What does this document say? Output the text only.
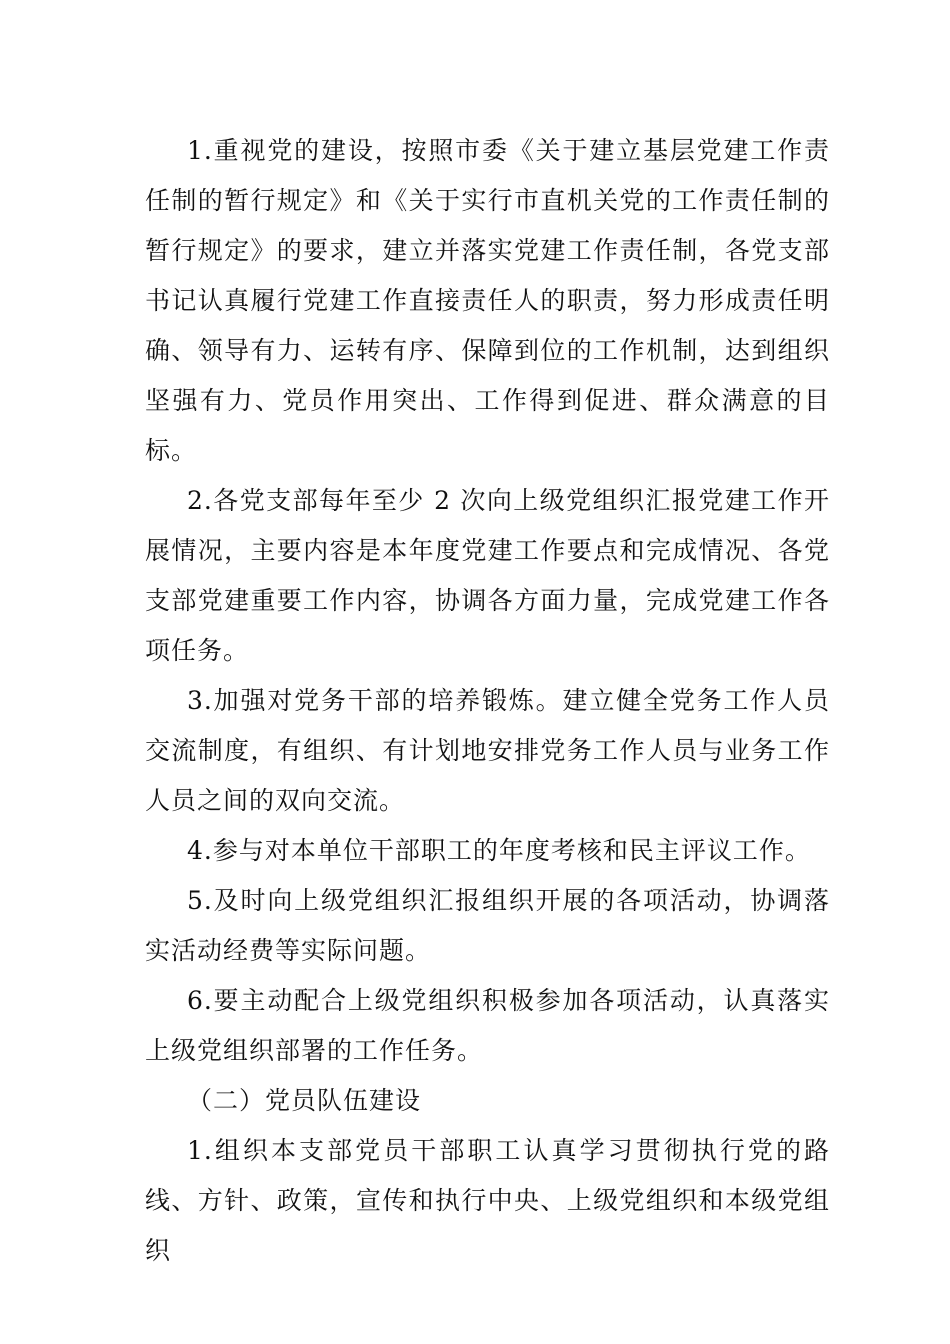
1.重视党的建设，按照市委《关于建立基层党建工作责任制的暂行规定》和《关于实行市直机关党的工作责任制的暂行规定》的要求，建立并落实党建工作责任制，各党支部书记认真履行党建工作直接责任人的职责，努力形成责任明确、领导有力、运转有序、保障到位的工作机制，达到组织坚强有力、党员作用突出、工作得到促进、群众满意的目标。

2.各党支部每年至少 2 次向上级党组织汇报党建工作开展情况，主要内容是本年度党建工作要点和完成情况、各党支部党建重要工作内容，协调各方面力量，完成党建工作各项任务。

3.加强对党务干部的培养锻炼。建立健全党务工作人员交流制度，有组织、有计划地安排党务工作人员与业务工作人员之间的双向交流。

4.参与对本单位干部职工的年度考核和民主评议工作。

5.及时向上级党组织汇报组织开展的各项活动，协调落实活动经费等实际问题。

6.要主动配合上级党组织积极参加各项活动，认真落实上级党组织部署的工作任务。

（二）党员队伍建设

1.组织本支部党员干部职工认真学习贯彻执行党的路线、方针、政策，宣传和执行中央、上级党组织和本级党组织
